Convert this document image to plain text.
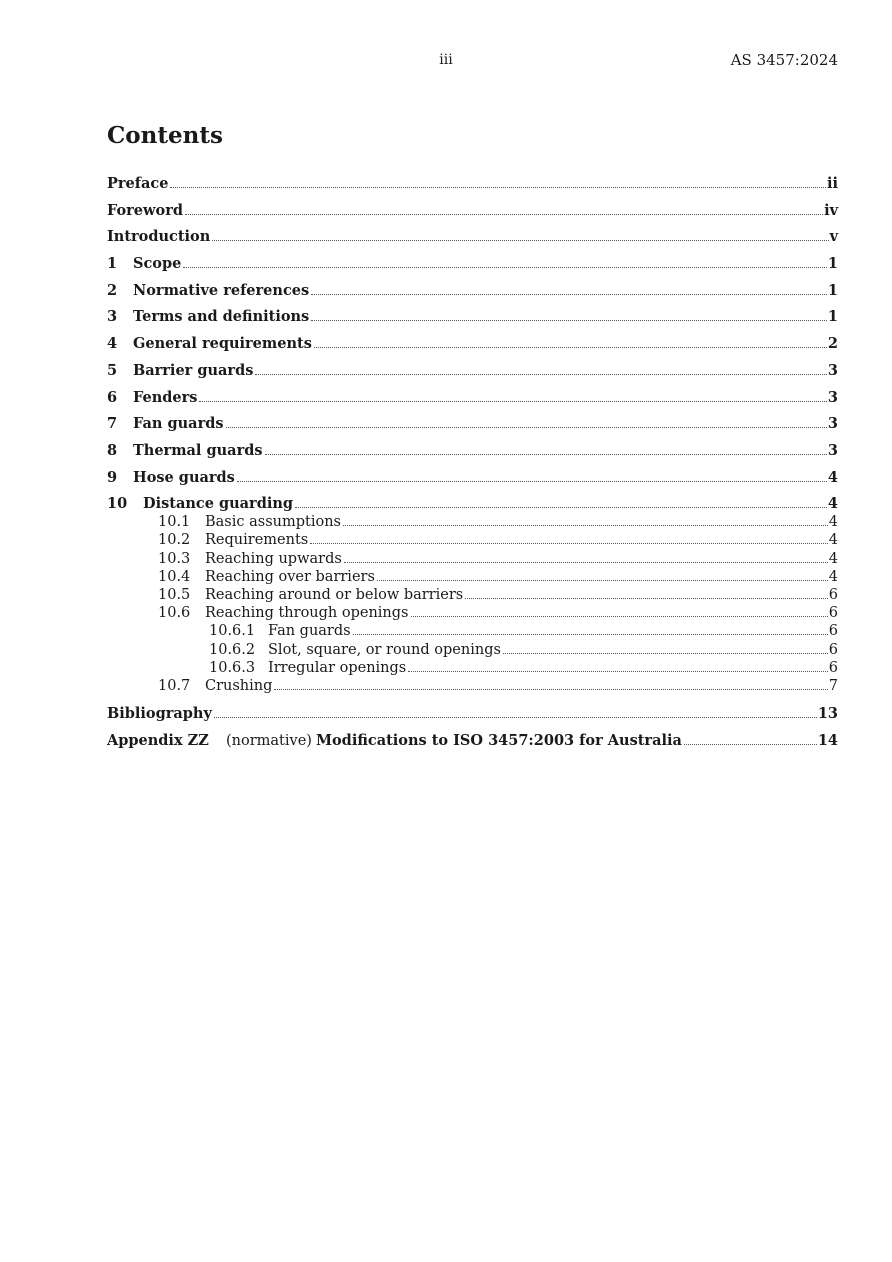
iii	AS 3457:2024
Contents
Preface	ii
Foreword	iv
Introduction	v
1	Scope	1
2	Normative references	1
3	Terms and definitions	1
4	General requirements	2
5	Barrier guards	3
6	Fenders	3
7	Fan guards	3
8	Thermal guards	3
9	Hose guards	4
10	Distance guarding	4
10.1	Basic assumptions	4
10.2	Requirements	4
10.3	Reaching upwards	4
10.4	Reaching over barriers	4
10.5	Reaching around or below barriers	6
10.6	Reaching through openings	6
10.6.1 Fan guards	6
10.6.2 Slot, square, or round openings	6
10.6.3 Irregular openings	6
10.7	Crushing	7
Bibliography	13
Appendix ZZ	(normative) Modifications to ISO 3457:2003 for Australia	14
